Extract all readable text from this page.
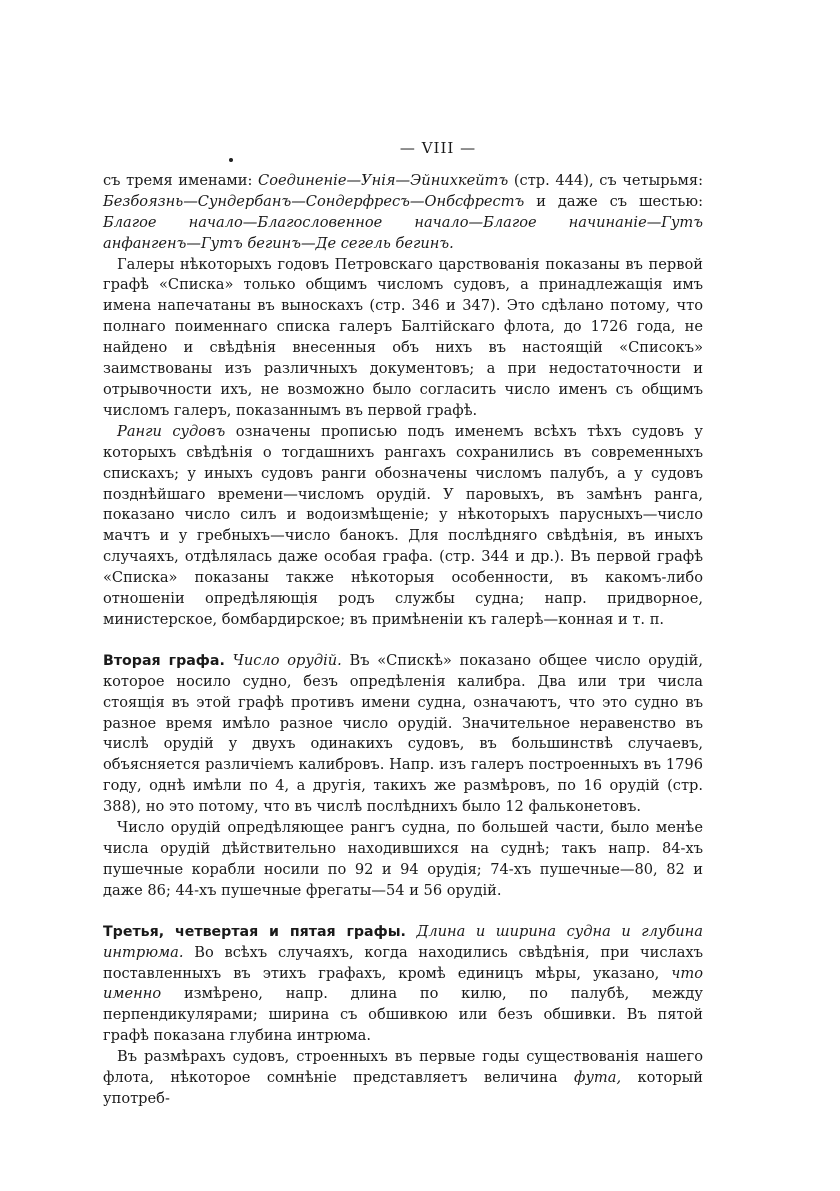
— VIII —

съ тремя именами: Соединеніе—Унія—Эйнихкейтъ (стр. 444), съ четырьмя: Безбоязнь—Сундербанъ—Сондерфресъ—Онбсфрестъ и даже съ шестью: Благое начало—Благословенное начало—Благое начинаніе—Гутъ анфангенъ—Гутъ бегинъ—Де сегель бегинъ.

Галеры нѣкоторыхъ годовъ Петровскаго царствованія показаны въ первой графѣ «Списка» только общимъ числомъ судовъ, а принадлежащія имъ имена напечатаны въ выноскахъ (стр. 346 и 347). Это сдѣлано потому, что полнаго поименнаго списка галеръ Балтійскаго флота, до 1726 года, не найдено и свѣдѣнія внесенныя объ нихъ въ настоящій «Списокъ» заимствованы изъ различныхъ документовъ; а при недостаточности и отрывочности ихъ, не возможно было согласить число именъ съ общимъ числомъ галеръ, показаннымъ въ первой графѣ.

Ранги судовъ означены прописью подъ именемъ всѣхъ тѣхъ судовъ у которыхъ свѣдѣнія о тогдашнихъ рангахъ сохранились въ современныхъ спискахъ; у иныхъ судовъ ранги обозначены числомъ палубъ, а у судовъ позднѣйшаго времени—числомъ орудій. У паровыхъ, въ замѣнъ ранга, показано число силъ и водоизмѣщеніе; у нѣкоторыхъ парусныхъ—число мачтъ и у гребныхъ—число банокъ. Для послѣдняго свѣдѣнія, въ иныхъ случаяхъ, отдѣлялась даже особая графа. (стр. 344 и др.). Въ первой графѣ «Списка» показаны также нѣкоторыя особенности, въ какомъ-либо отношеніи опредѣляющія родъ службы судна; напр. придворное, министерское, бомбардирское; въ примѣненіи къ галерѣ—конная и т. п.

Вторая графа. Число орудій. Въ «Спискѣ» показано общее число орудій, которое носило судно, безъ опредѣленія калибра. Два или три числа стоящія въ этой графѣ противъ имени судна, означаютъ, что это судно въ разное время имѣло разное число орудій. Значительное неравенство въ числѣ орудій у двухъ одинакихъ судовъ, въ большинствѣ случаевъ, объясняется различіемъ калибровъ. Напр. изъ галеръ построенныхъ въ 1796 году, однѣ имѣли по 4, а другія, такихъ же размѣровъ, по 16 орудій (стр. 388), но это потому, что въ числѣ послѣднихъ было 12 фальконетовъ.

Число орудій опредѣляющее рангъ судна, по большей части, было менѣе числа орудій дѣйствительно находившихся на суднѣ; такъ напр. 84-хъ пушечные корабли носили по 92 и 94 орудія; 74-хъ пушечные—80, 82 и даже 86; 44-хъ пушечные фрегаты—54 и 56 орудій.

Третья, четвертая и пятая графы. Длина и ширина судна и глубина интрюма. Во всѣхъ случаяхъ, когда находились свѣдѣнія, при числахъ поставленныхъ въ этихъ графахъ, кромѣ единицъ мѣры, указано, что именно измѣрено, напр. длина по килю, по палубѣ, между перпендикулярами; ширина съ обшивкою или безъ обшивки. Въ пятой графѣ показана глубина интрюма.

Въ размѣрахъ судовъ, строенныхъ въ первые годы существованія нашего флота, нѣкоторое сомнѣніе представляетъ величина фута, который употреб-
